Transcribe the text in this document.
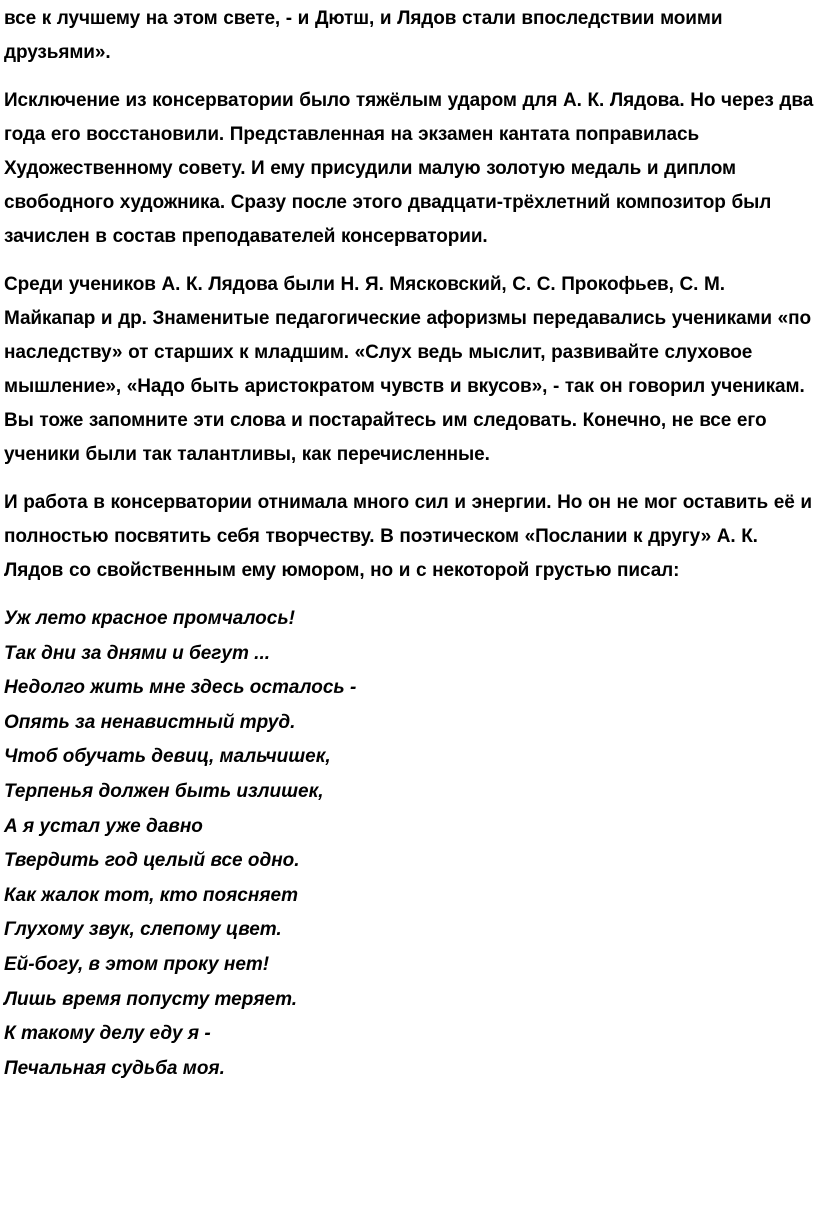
все к лучшему на этом свете, - и Дютш, и Лядов стали впоследствии моими друзьями».

Исключение из консерватории было тяжёлым ударом для А. К. Лядова. Но через два года его восстановили. Представленная на экзамен кантата поправилась Художественному совету. И ему присудили малую золотую медаль и диплом свободного художника. Сразу после этого двадцати-трёхлетний композитор был зачислен в состав преподавателей консерватории.

Среди учеников А. К. Лядова были Н. Я. Мясковский, С. С. Прокофьев, С. М. Майкапар и др. Знаменитые педагогические афоризмы передавались учениками «по наследству» от старших к младшим. «Слух ведь мыслит, развивайте слуховое мышление», «Надо быть аристократом чувств и вкусов», - так он говорил ученикам. Вы тоже запомните эти слова и постарайтесь им следовать. Конечно, не все его ученики были так талантливы, как перечисленные.

И работа в консерватории отнимала много сил и энергии. Но он не мог оставить её и полностью посвятить себя творчеству. В поэтическом «Послании к другу» А. К. Лядов со свойственным ему юмором, но и с некоторой грустью писал:

Уж лето красное промчалось!
Так дни за днями и бегут ...
Недолго жить мне здесь осталось -
Опять за ненавистный труд.
Чтоб обучать девиц, мальчишек,
Терпенья должен быть излишек,
А я устал уже давно
Твердить год целый все одно.
Как жалок тот, кто поясняет
Глухому звук, слепому цвет.
Ей-богу, в этом проку нет!
Лишь время попусту теряет.
К такому делу еду я -
Печальная судьба моя.
